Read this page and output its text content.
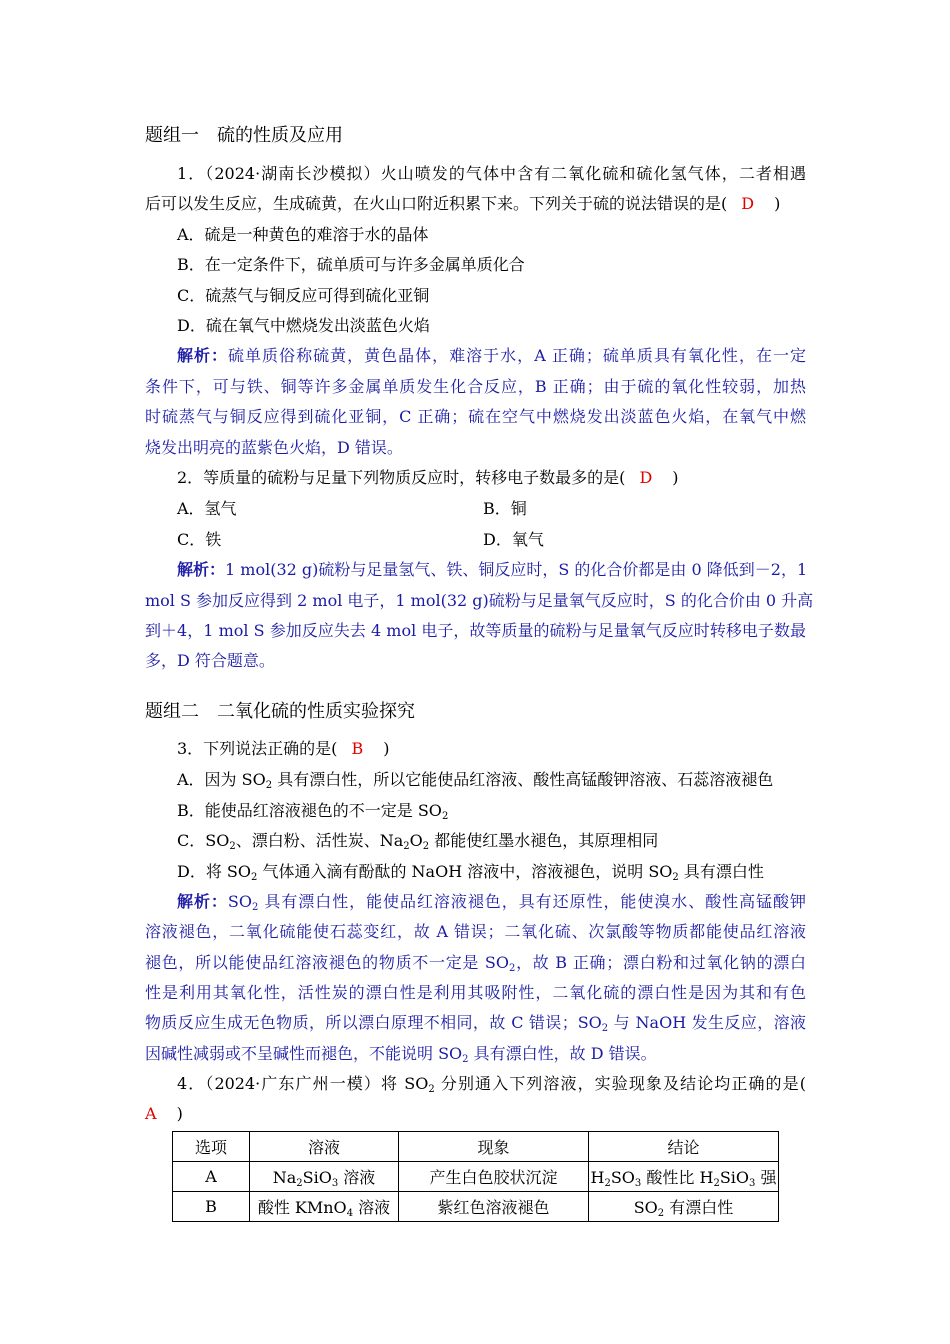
题组一　硫的性质及应用
1．（2024·湖南长沙模拟）火山喷发的气体中含有二氧化硫和硫化氢气体，二者相遇
后可以发生反应，生成硫黄，在火山口附近积累下来。下列关于硫的说法错误的是( D )
A．硫是一种黄色的难溶于水的晶体
B．在一定条件下，硫单质可与许多金属单质化合
C．硫蒸气与铜反应可得到硫化亚铜
D．硫在氧气中燃烧发出淡蓝色火焰
解析：硫单质俗称硫黄，黄色晶体，难溶于水，A 正确；硫单质具有氧化性，在一定
条件下，可与铁、铜等许多金属单质发生化合反应，B 正确；由于硫的氧化性较弱，加热
时硫蒸气与铜反应得到硫化亚铜，C 正确；硫在空气中燃烧发出淡蓝色火焰，在氧气中燃
烧发出明亮的蓝紫色火焰，D 错误。
2．等质量的硫粉与足量下列物质反应时，转移电子数最多的是( D )
A．氢气	B．铜
C．铁	D．氧气
解析：1 mol(32 g)硫粉与足量氢气、铁、铜反应时，S 的化合价都是由 0 降低到－2，1
mol S 参加反应得到 2 mol 电子，1 mol(32 g)硫粉与足量氧气反应时，S 的化合价由 0 升高
到＋4，1 mol S 参加反应失去 4 mol 电子，故等质量的硫粉与足量氧气反应时转移电子数最
多，D 符合题意。
题组二　二氧化硫的性质实验探究
3．下列说法正确的是( B )
A．因为 $SO_2$ 具有漂白性，所以它能使品红溶液、酸性高锰酸钾溶液、石蕊溶液褪色
B．能使品红溶液褪色的不一定是 $SO_2$
C．$SO_2$、漂白粉、活性炭、$Na_2O_2$ 都能使红墨水褪色，其原理相同
D．将 $SO_2$ 气体通入滴有酚酞的 NaOH 溶液中，溶液褪色，说明 $SO_2$ 具有漂白性
解析：$SO_2$ 具有漂白性，能使品红溶液褪色，具有还原性，能使溴水、酸性高锰酸钾
溶液褪色，二氧化硫能使石蕊变红，故 A 错误；二氧化硫、次氯酸等物质都能使品红溶液
褪色，所以能使品红溶液褪色的物质不一定是 $SO_2$，故 B 正确；漂白粉和过氧化钠的漂白
性是利用其氧化性，活性炭的漂白性是利用其吸附性，二氧化硫的漂白性是因为其和有色
物质反应生成无色物质，所以漂白原理不相同，故 C 错误；$SO_2$ 与 NaOH 发生反应，溶液
因碱性减弱或不呈碱性而褪色，不能说明 $SO_2$ 具有漂白性，故 D 错误。
4．（2024·广东广州一模）将 $SO_2$ 分别通入下列溶液，实验现象及结论均正确的是(
A )
选项	溶液	现象	结论
A	$Na_2SiO_3$ 溶液	产生白色胶状沉淀	$H_2SO_3$ 酸性比 $H_2SiO_3$ 强
B	酸性 KMnO$_4$ 溶液	紫红色溶液褪色	$SO_2$ 有漂白性
